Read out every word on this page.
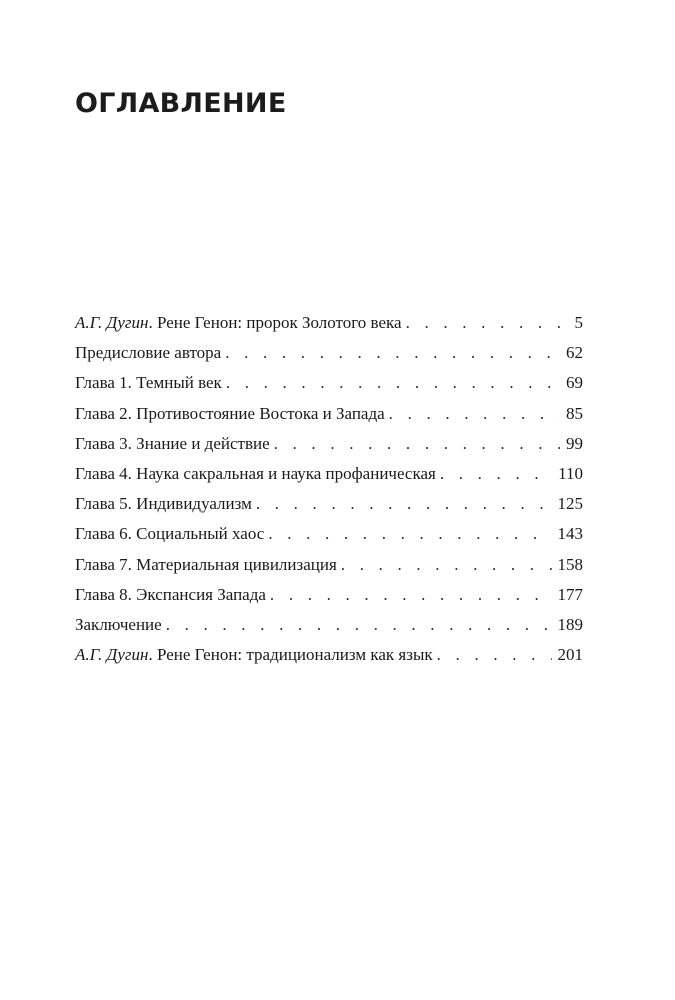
ОГЛАВЛЕНИЕ
А.Г. Дугин. Рене Генон: пророк Золотого века . . .	5
Предисловие автора . . .	62
Глава 1. Темный век . . .	69
Глава 2. Противостояние Востока и Запада . . .	85
Глава 3. Знание и действие . . .	99
Глава 4. Наука сакральная и наука профаническая . . .	110
Глава 5. Индивидуализм . . .	125
Глава 6. Социальный хаос . . .	143
Глава 7. Материальная цивилизация . . .	158
Глава 8. Экспансия Запада . . .	177
Заключение . . .	189
А.Г. Дугин. Рене Генон: традиционализм как язык . . .	201
